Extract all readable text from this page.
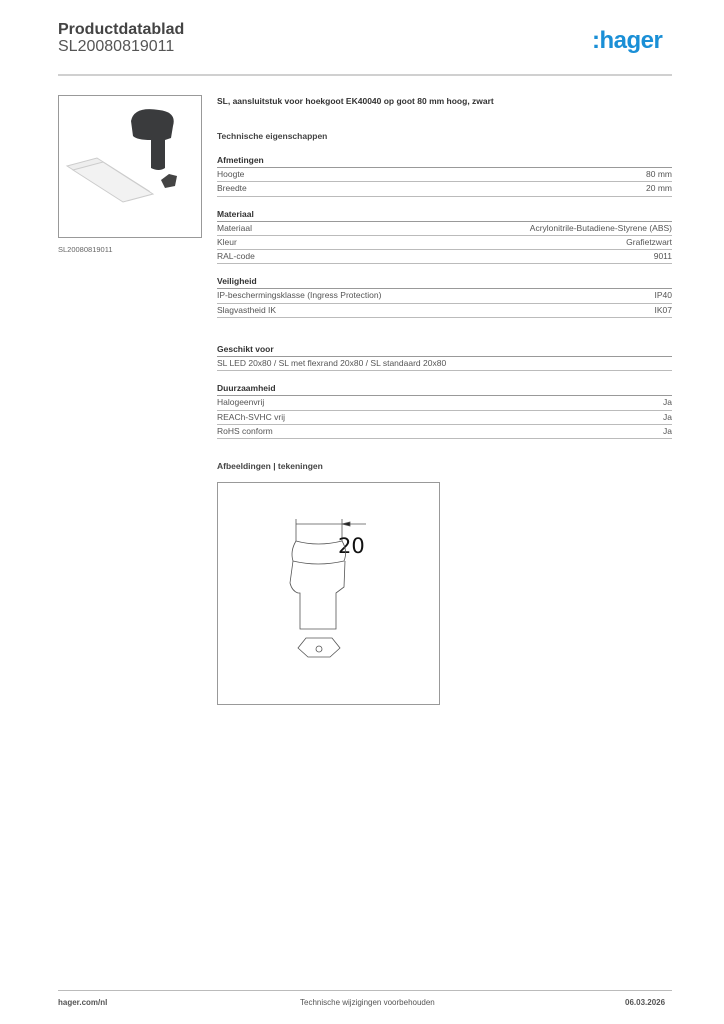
Productdatablad
SL20080819011	:hager
SL20080819011
SL, aansluitstuk voor hoekgoot EK40040 op goot 80 mm hoog, zwart
Technische eigenschappen
Afmetingen
Hoogte	80 mm
Breedte	20 mm
Materiaal
Materiaal	Acrylonitrile-Butadiene-Styrene (ABS)
Kleur	Grafietzwart
RAL-code	9011
Veiligheid
IP-beschermingsklasse (Ingress Protection)	IP40
Slagvastheid IK	IK07
Geschikt voor
SL LED 20x80 / SL met flexrand 20x80 / SL standaard 20x80
Duurzaamheid
Halogeenvrij	Ja
REACh-SVHC vrij	Ja
RoHS conform	Ja
Afbeeldingen | tekeningen
20
hager.com/nl	Technische wijzigingen voorbehouden	06.03.2026
